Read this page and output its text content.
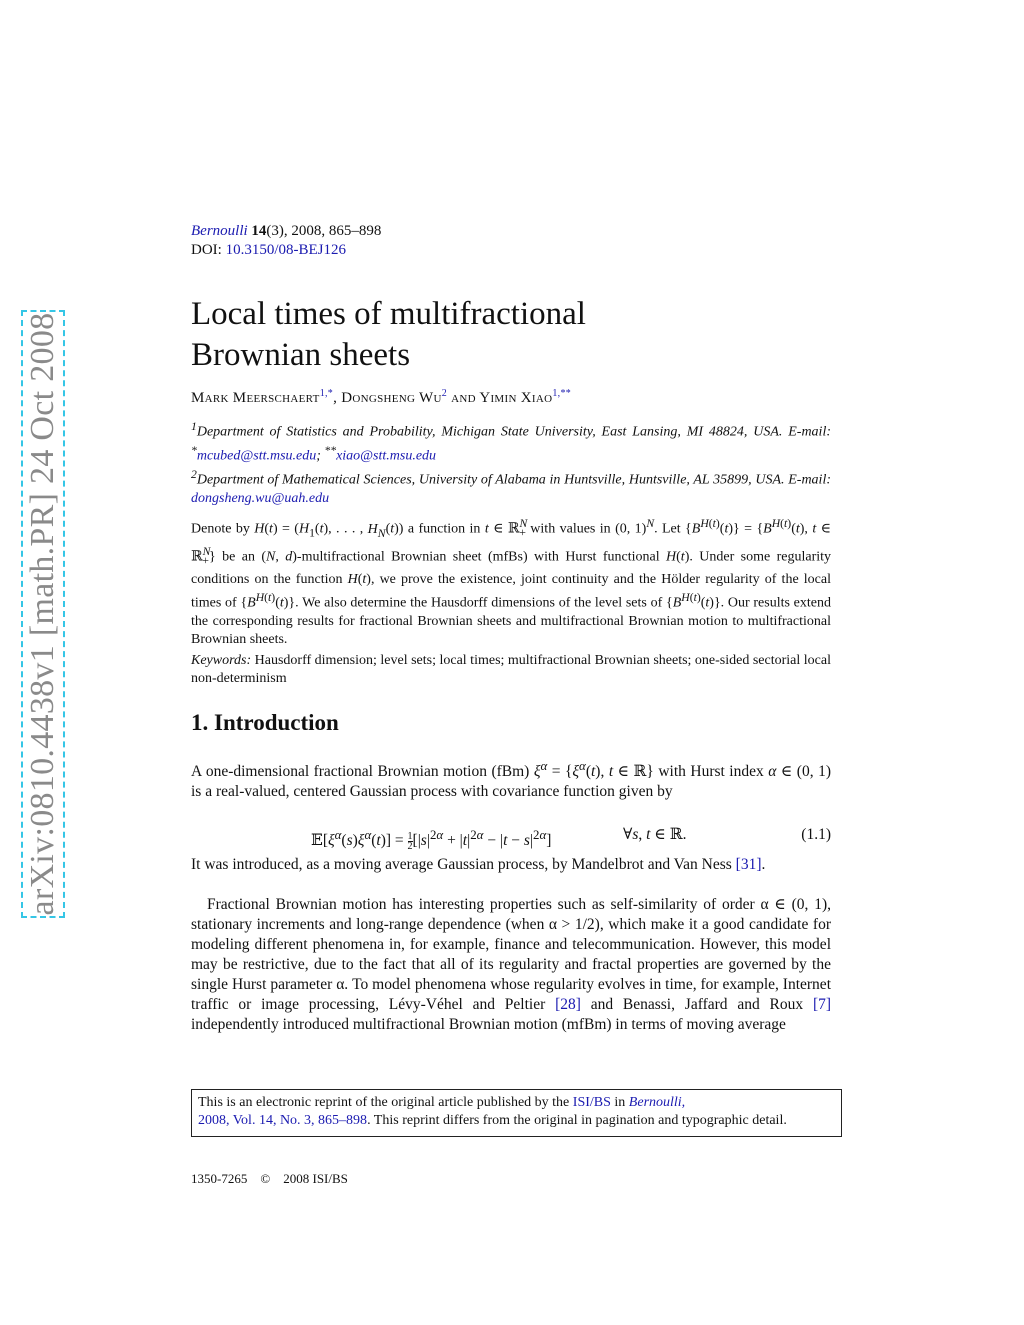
arXiv:0810.4438v1 [math.PR] 24 Oct 2008
Bernoulli 14(3), 2008, 865–898
DOI: 10.3150/08-BEJ126
Local times of multifractional
Brownian sheets
Mark Meerschaert$^{1,*}$, Dongsheng Wu$^2$ and Yimin Xiao$^{1,**}$
$^1$Department of Statistics and Probability, Michigan State University, East Lansing, MI 48824, USA. E-mail: *mcubed@stt.msu.edu; **xiao@stt.msu.edu
$^2$Department of Mathematical Sciences, University of Alabama in Huntsville, Huntsville, AL 35899, USA. E-mail: dongsheng.wu@uah.edu
Denote by $H(t) = (H_1(t)$, . . . , $H_N(t)$) a function in t ∈ ℝ$^N_+$ with values in (0, 1)$^N$. Let $\{B^{H(t)}(t)\} = \{B^{H(t)}(t)$, t ∈ ℝ$^N_+$} be an (N, d)-multifractional Brownian sheet (mfBs) with Hurst functional H(t). Under some regularity conditions on the function H(t), we prove the existence, joint continuity and the Hölder regularity of the local times of $\{B^{H(t)}(t)\}$. We also determine the Hausdorff dimensions of the level sets of $\{B^{H(t)}(t)\}$. Our results extend the corresponding results for fractional Brownian sheets and multifractional Brownian motion to multifractional Brownian sheets.
Keywords: Hausdorff dimension; level sets; local times; multifractional Brownian sheets; one-sided sectorial local non-determinism
1. Introduction
A one-dimensional fractional Brownian motion (fBm) $\xi^\alpha = \{\xi^\alpha(t)$, t ∈ ℝ} with Hurst index α ∈ (0, 1) is a real-valued, centered Gaussian process with covariance function given by
$𝔼[\xi^\alpha(s)\xi^\alpha(t)] = \frac{1}{2} [|s|^{2\alpha} + |t|^{2\alpha} - |t - s|^{2\alpha}]$	∀s, t ∈ ℝ.	(1.1)
It was introduced, as a moving average Gaussian process, by Mandelbrot and Van Ness [31].
Fractional Brownian motion has interesting properties such as self-similarity of order α ∈ (0, 1), stationary increments and long-range dependence (when α > 1/2), which make it a good candidate for modeling different phenomena in, for example, finance and telecommunication. However, this model may be restrictive, due to the fact that all of its regularity and fractal properties are governed by the single Hurst parameter α. To model phenomena whose regularity evolves in time, for example, Internet traffic or image processing, Lévy-Véhel and Peltier [28] and Benassi, Jaffard and Roux [7] independently introduced multifractional Brownian motion (mfBm) in terms of moving average
This is an electronic reprint of the original article published by the ISI/BS in Bernoulli,
2008, Vol. 14, No. 3, 865–898. This reprint differs from the original in pagination and typographic detail.
1350-7265 © 2008 ISI/BS
